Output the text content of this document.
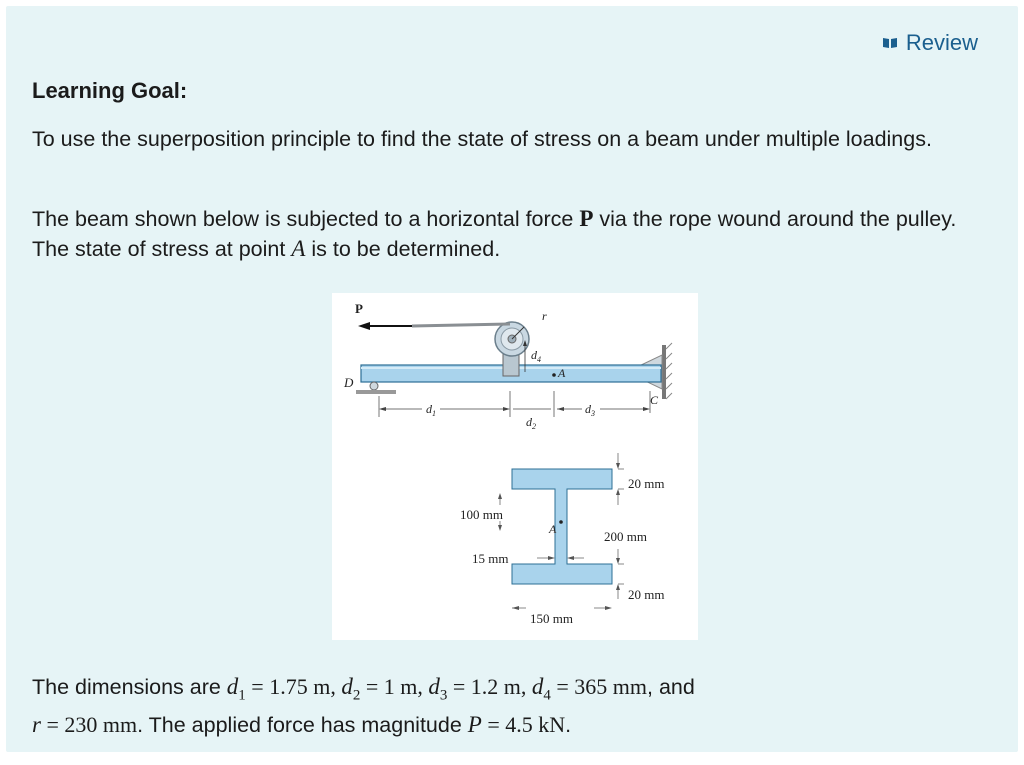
Review
Learning Goal:

To use the superposition principle to find the state of stress on a beam under multiple loadings.

The beam shown below is subjected to a horizontal force P via the rope wound around the pulley. The state of stress at point A is to be determined.

P	r
$d_4$
A
D
C
$d_1$
$d_2$
$d_3$
20 mm
200 mm
20 mm
100 mm
15 mm
150 mm
A

The dimensions are $d_1 = 1.75$ m, $d_2 = 1$ m, $d_3 = 1.2$ m, $d_4 = 365$ mm, and
r = 230 mm. The applied force has magnitude P = 4.5 kN.
